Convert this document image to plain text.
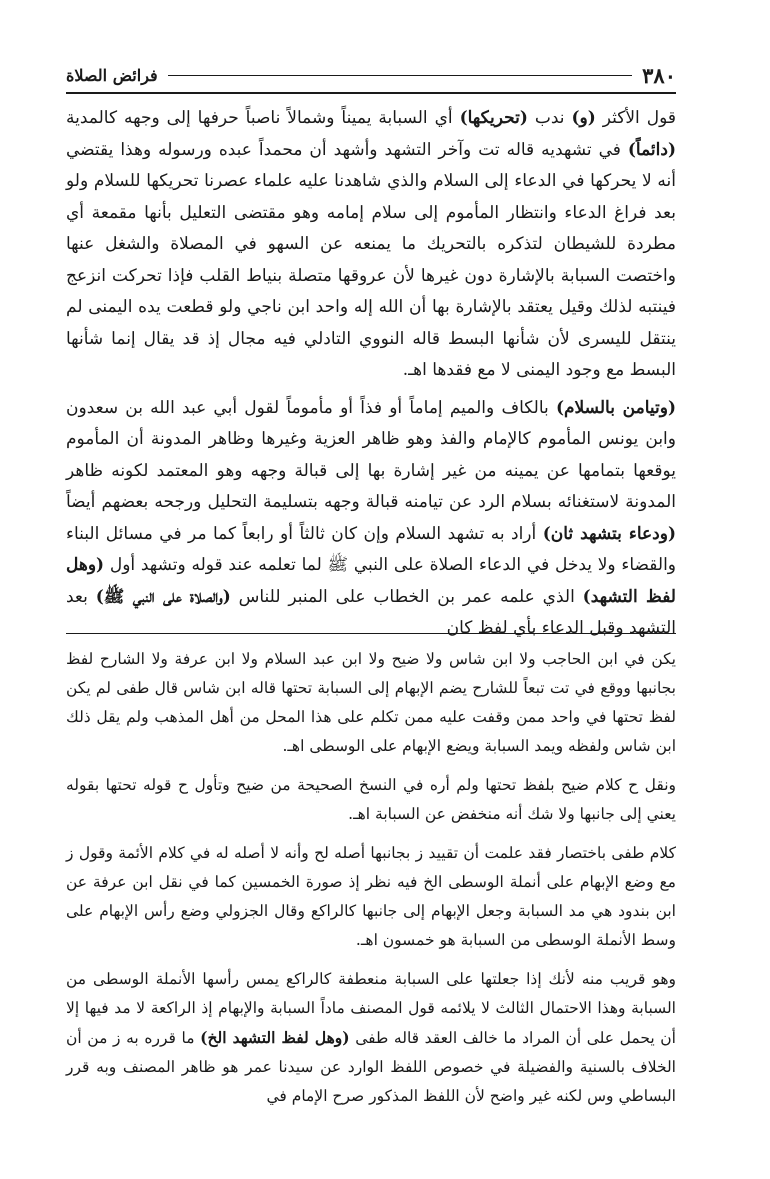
٣٨٠
فرائض الصلاة

قول الأكثر (و) ندب (تحريكها) أي السبابة يميناً وشمالاً ناصباً حرفها إلى وجهه كالمدية (دائماً) في تشهديه قاله تت وآخر التشهد وأشهد أن محمداً عبده ورسوله وهذا يقتضي أنه لا يحركها في الدعاء إلى السلام والذي شاهدنا عليه علماء عصرنا تحريكها للسلام ولو بعد فراغ الدعاء وانتظار المأموم إلى سلام إمامه وهو مقتضى التعليل بأنها مقمعة أي مطردة للشيطان لتذكره بالتحريك ما يمنعه عن السهو في المصلاة والشغل عنها واختصت السبابة بالإشارة دون غيرها لأن عروقها متصلة بنياط القلب فإذا تحركت انزعج فينتبه لذلك وقيل يعتقد بالإشارة بها أن الله إله واحد ابن ناجي ولو قطعت يده اليمنى لم ينتقل لليسرى لأن شأنها البسط قاله النووي التادلي فيه مجال إذ قد يقال إنما شأنها البسط مع وجود اليمنى لا مع فقدها اهـ.

(وتيامن بالسلام) بالكاف والميم إماماً أو فذاً أو مأموماً لقول أبي عبد الله بن سعدون وابن يونس المأموم كالإمام والفذ وهو ظاهر العزية وغيرها وظاهر المدونة أن المأموم يوقعها بتمامها عن يمينه من غير إشارة بها إلى قبالة وجهه وهو المعتمد لكونه ظاهر المدونة لاستغنائه بسلام الرد عن تيامنه قبالة وجهه بتسليمة التحليل ورجحه بعضهم أيضاً (ودعاء بتشهد ثان) أراد به تشهد السلام وإن كان ثالثاً أو رابعاً كما مر في مسائل البناء والقضاء ولا يدخل في الدعاء الصلاة على النبي ﷺ لما تعلمه عند قوله وتشهد أول (وهل لفظ التشهد) الذي علمه عمر بن الخطاب على المنبر للناس (والصلاة على النبي ﷺ) بعد التشهد وقبل الدعاء بأي لفظ كان

يكن في ابن الحاجب ولا ابن شاس ولا ضيح ولا ابن عبد السلام ولا ابن عرفة ولا الشارح لفظ بجانبها ووقع في تت تبعاً للشارح يضم الإبهام إلى السبابة تحتها قاله ابن شاس قال طفى لم يكن لفظ تحتها في واحد ممن وقفت عليه ممن تكلم على هذا المحل من أهل المذهب ولم يقل ذلك ابن شاس ولفظه ويمد السبابة ويضع الإبهام على الوسطى اهـ.

ونقل ح كلام ضيح بلفظ تحتها ولم أره في النسخ الصحيحة من ضيح وتأول ح قوله تحتها بقوله يعني إلى جانبها ولا شك أنه منخفض عن السبابة اهـ.

كلام طفى باختصار فقد علمت أن تقييد ز بجانبها أصله لح وأنه لا أصله له في كلام الأئمة وقول ز مع وضع الإبهام على أنملة الوسطى الخ فيه نظر إذ صورة الخمسين كما في نقل ابن عرفة عن ابن بندود هي مد السبابة وجعل الإبهام إلى جانبها كالراكع وقال الجزولي وضع رأس الإبهام على وسط الأنملة الوسطى من السبابة هو خمسون اهـ.

وهو قريب منه لأنك إذا جعلتها على السبابة منعطفة كالراكع يمس رأسها الأنملة الوسطى من السبابة وهذا الاحتمال الثالث لا يلائمه قول المصنف ماداً السبابة والإبهام إذ الراكعة لا مد فيها إلا أن يحمل على أن المراد ما خالف العقد قاله طفى (وهل لفظ التشهد الخ) ما قرره به ز من أن الخلاف بالسنية والفضيلة في خصوص اللفظ الوارد عن سيدنا عمر هو ظاهر المصنف وبه قرر البساطي وس لكنه غير واضح لأن اللفظ المذكور صرح الإمام في
